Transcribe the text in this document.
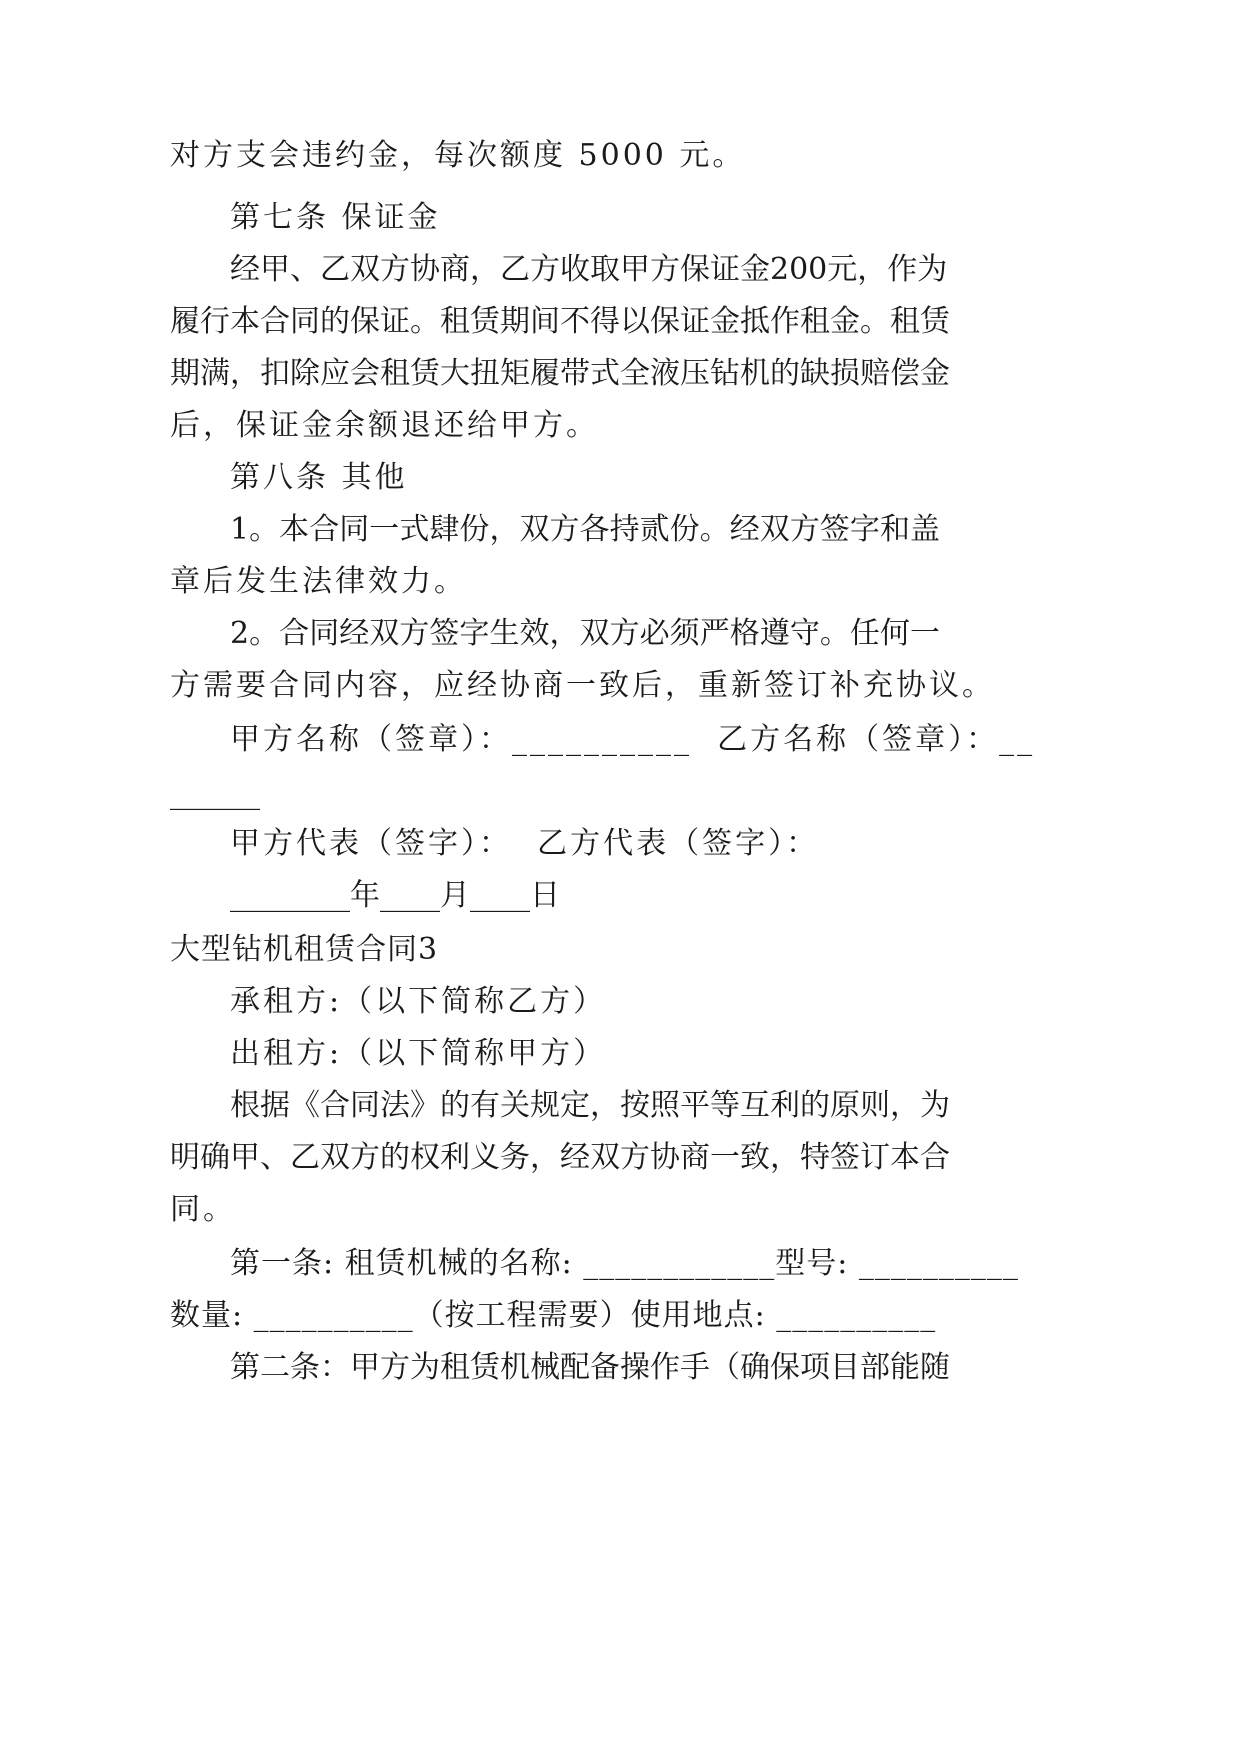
对方支会违约金，每次额度 5000 元。
第七条 保证金
经甲、乙双方协商，乙方收取甲方保证金200元，作为
履行本合同的保证。租赁期间不得以保证金抵作租金。租赁
期满，扣除应会租赁大扭矩履带式全液压钻机的缺损赔偿金
后，保证金余额退还给甲方。
第八条 其他
1。本合同一式肆份，双方各持贰份。经双方签字和盖
章后发生法律效力。
2。合同经双方签字生效，双方必须严格遵守。任何一
方需要合同内容，应经协商一致后，重新签订补充协议。
甲方名称（签章）：__________  乙方名称（签章）：__
______
甲方代表（签字）：  乙方代表（签字）：
________年____月____日
大型钻机租赁合同3
承租方:（以下简称乙方）
出租方:（以下简称甲方）
根据《合同法》的有关规定，按照平等互利的原则，为
明确甲、乙双方的权利义务，经双方协商一致，特签订本合
同。
第一条: 租赁机械的名称: ____________型号: __________
数量: __________（按工程需要）使用地点: __________
第二条：甲方为租赁机械配备操作手（确保项目部能随
